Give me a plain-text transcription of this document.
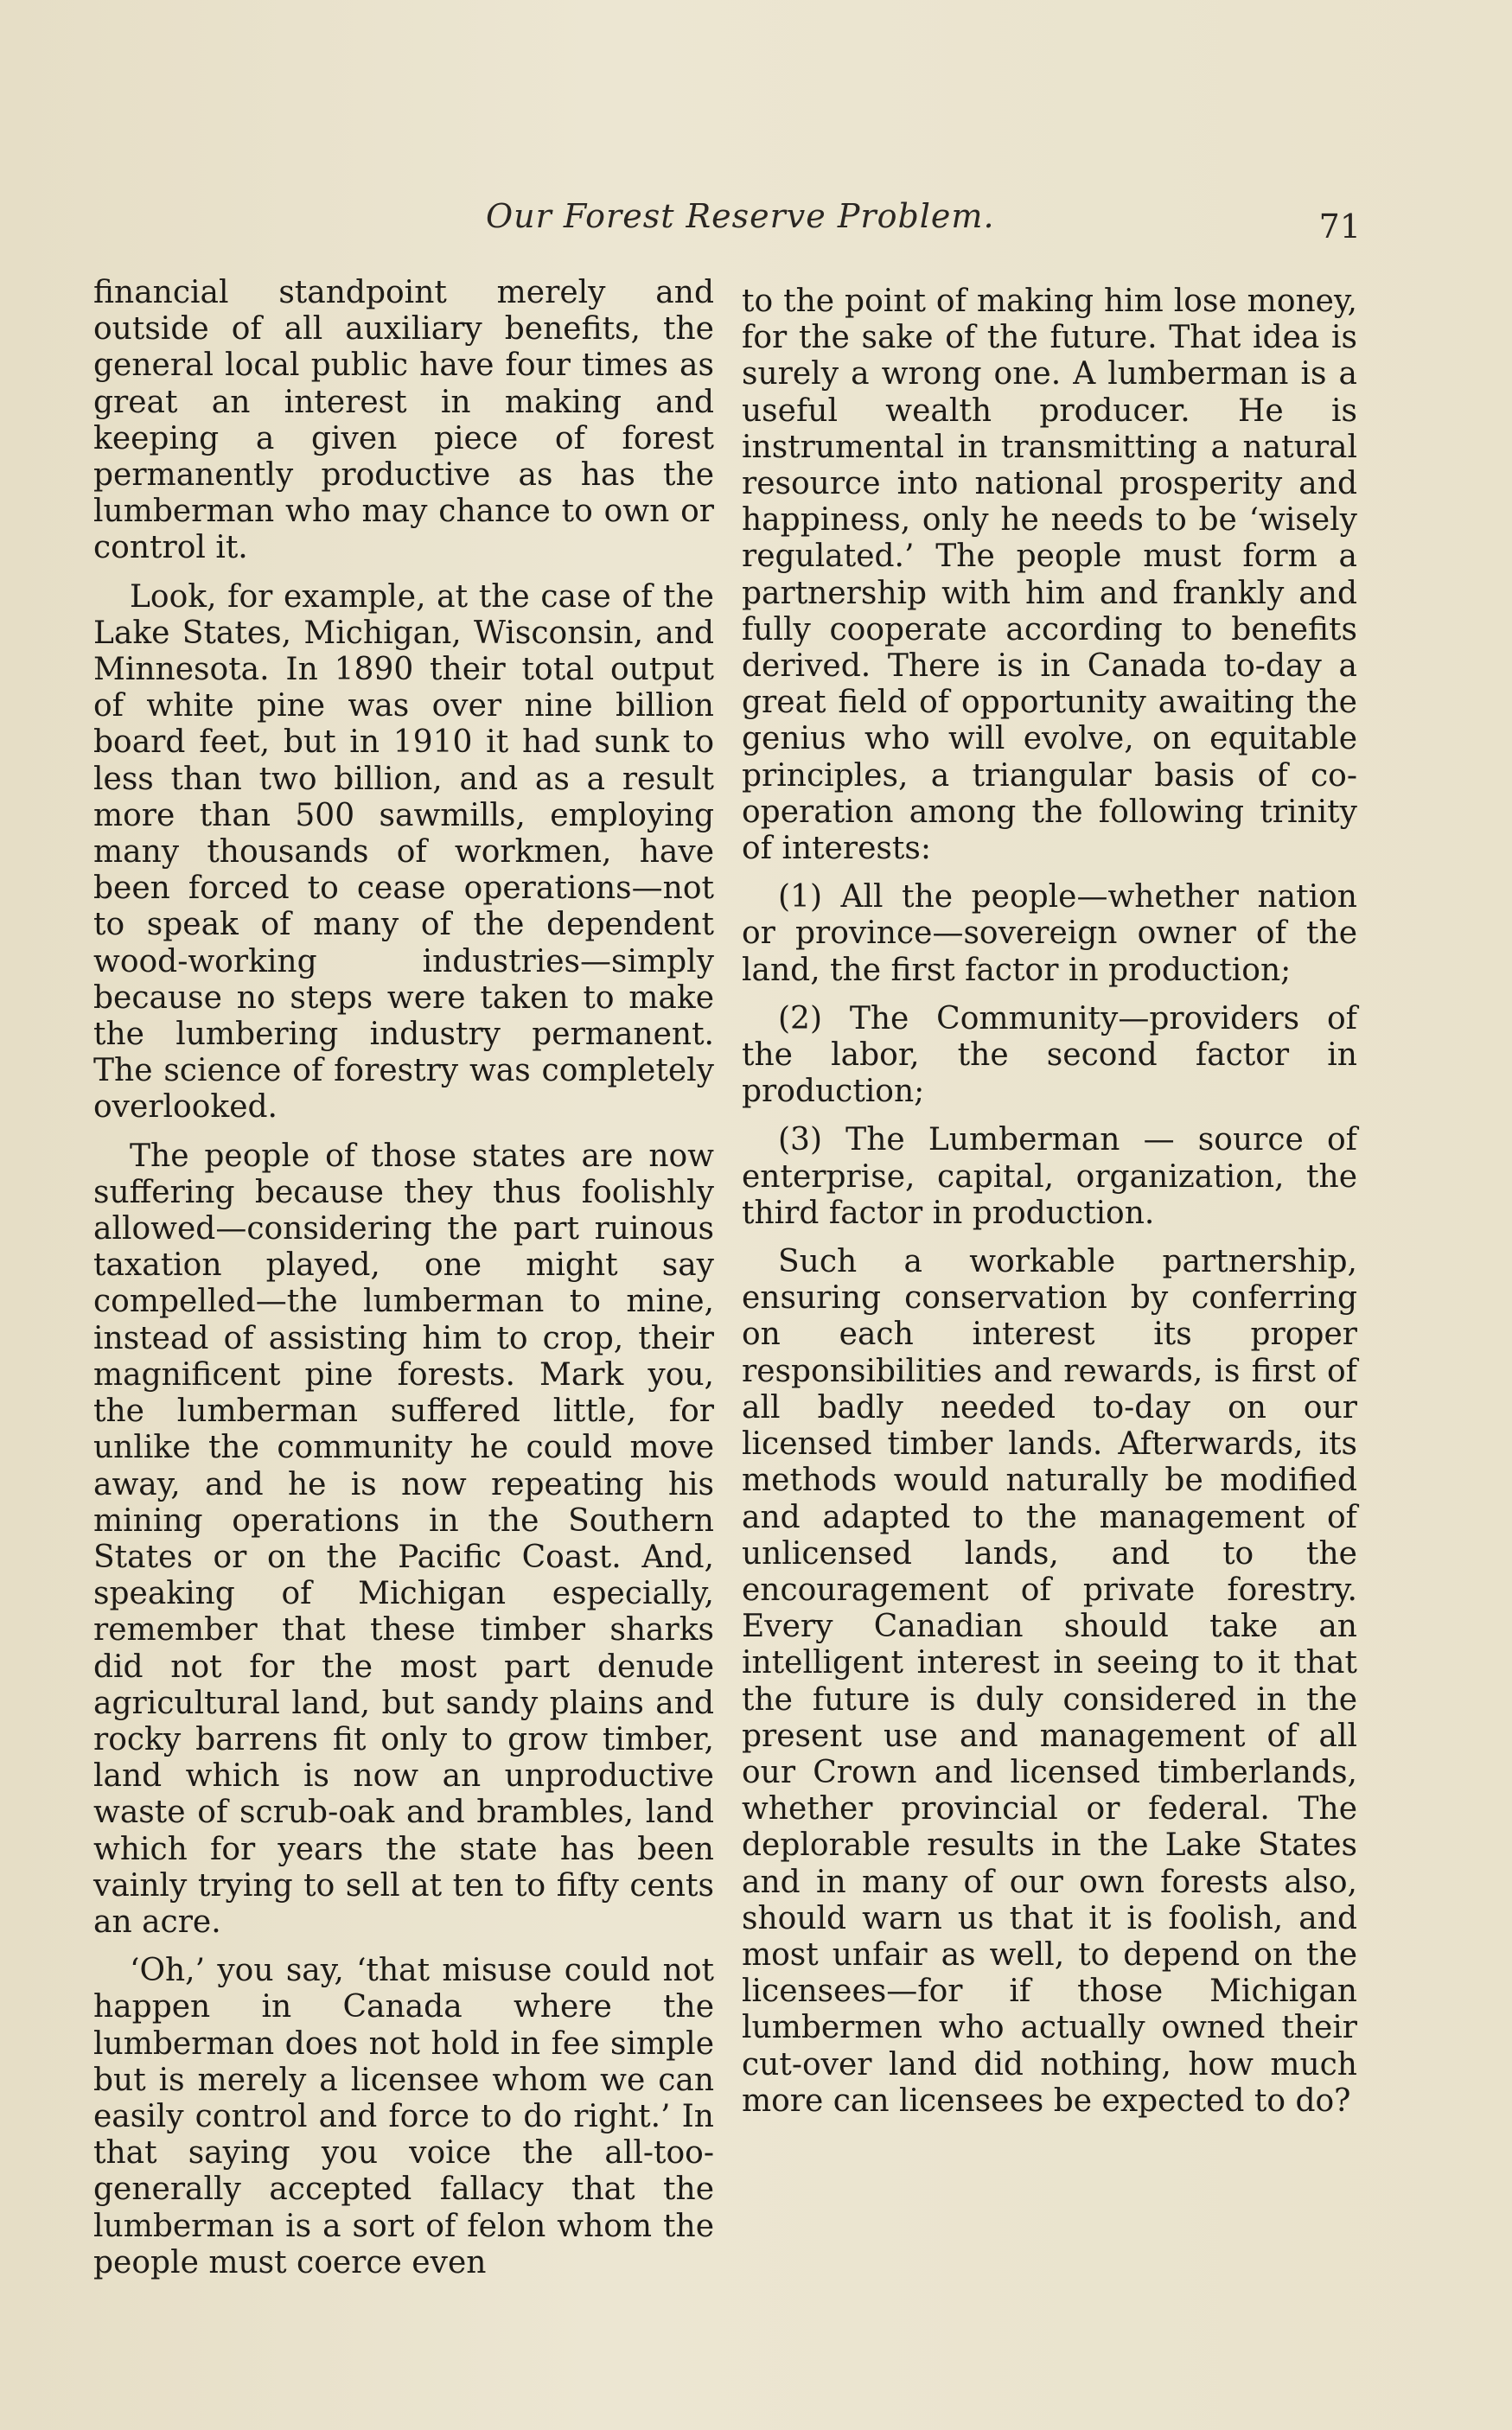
Our Forest Reserve Problem.	71

financial standpoint merely and outside of all auxiliary benefits, the general local public have four times as great an interest in making and keeping a given piece of forest permanently productive as has the lumberman who may chance to own or control it.

Look, for example, at the case of the Lake States, Michigan, Wisconsin, and Minnesota. In 1890 their total output of white pine was over nine billion board feet, but in 1910 it had sunk to less than two billion, and as a result more than 500 sawmills, employing many thousands of workmen, have been forced to cease operations—not to speak of many of the dependent wood-working industries—simply because no steps were taken to make the lumbering industry permanent. The science of forestry was completely overlooked.

The people of those states are now suffering because they thus foolishly allowed—considering the part ruinous taxation played, one might say compelled—the lumberman to mine, instead of assisting him to crop, their magnificent pine forests. Mark you, the lumberman suffered little, for unlike the community he could move away, and he is now repeating his mining operations in the Southern States or on the Pacific Coast. And, speaking of Michigan especially, remember that these timber sharks did not for the most part denude agricultural land, but sandy plains and rocky barrens fit only to grow timber, land which is now an unproductive waste of scrub-oak and brambles, land which for years the state has been vainly trying to sell at ten to fifty cents an acre.

‘Oh,’ you say, ‘that misuse could not happen in Canada where the lumberman does not hold in fee simple but is merely a licensee whom we can easily control and force to do right.’ In that saying you voice the all-too-generally accepted fallacy that the lumberman is a sort of felon whom the people must coerce even

to the point of making him lose money, for the sake of the future. That idea is surely a wrong one. A lumberman is a useful wealth producer. He is instrumental in transmitting a natural resource into national prosperity and happiness, only he needs to be ‘wisely regulated.’ The people must form a partnership with him and frankly and fully cooperate according to benefits derived. There is in Canada to-day a great field of opportunity awaiting the genius who will evolve, on equitable principles, a triangular basis of co-operation among the following trinity of interests:

(1) All the people—whether nation or province—sovereign owner of the land, the first factor in production;

(2) The Community—providers of the labor, the second factor in production;

(3) The Lumberman — source of enterprise, capital, organization, the third factor in production.

Such a workable partnership, ensuring conservation by conferring on each interest its proper responsibilities and rewards, is first of all badly needed to-day on our licensed timber lands. Afterwards, its methods would naturally be modified and adapted to the management of unlicensed lands, and to the encouragement of private forestry. Every Canadian should take an intelligent interest in seeing to it that the future is duly considered in the present use and management of all our Crown and licensed timberlands, whether provincial or federal. The deplorable results in the Lake States and in many of our own forests also, should warn us that it is foolish, and most unfair as well, to depend on the licensees—for if those Michigan lumbermen who actually owned their cut-over land did nothing, how much more can licensees be expected to do?
